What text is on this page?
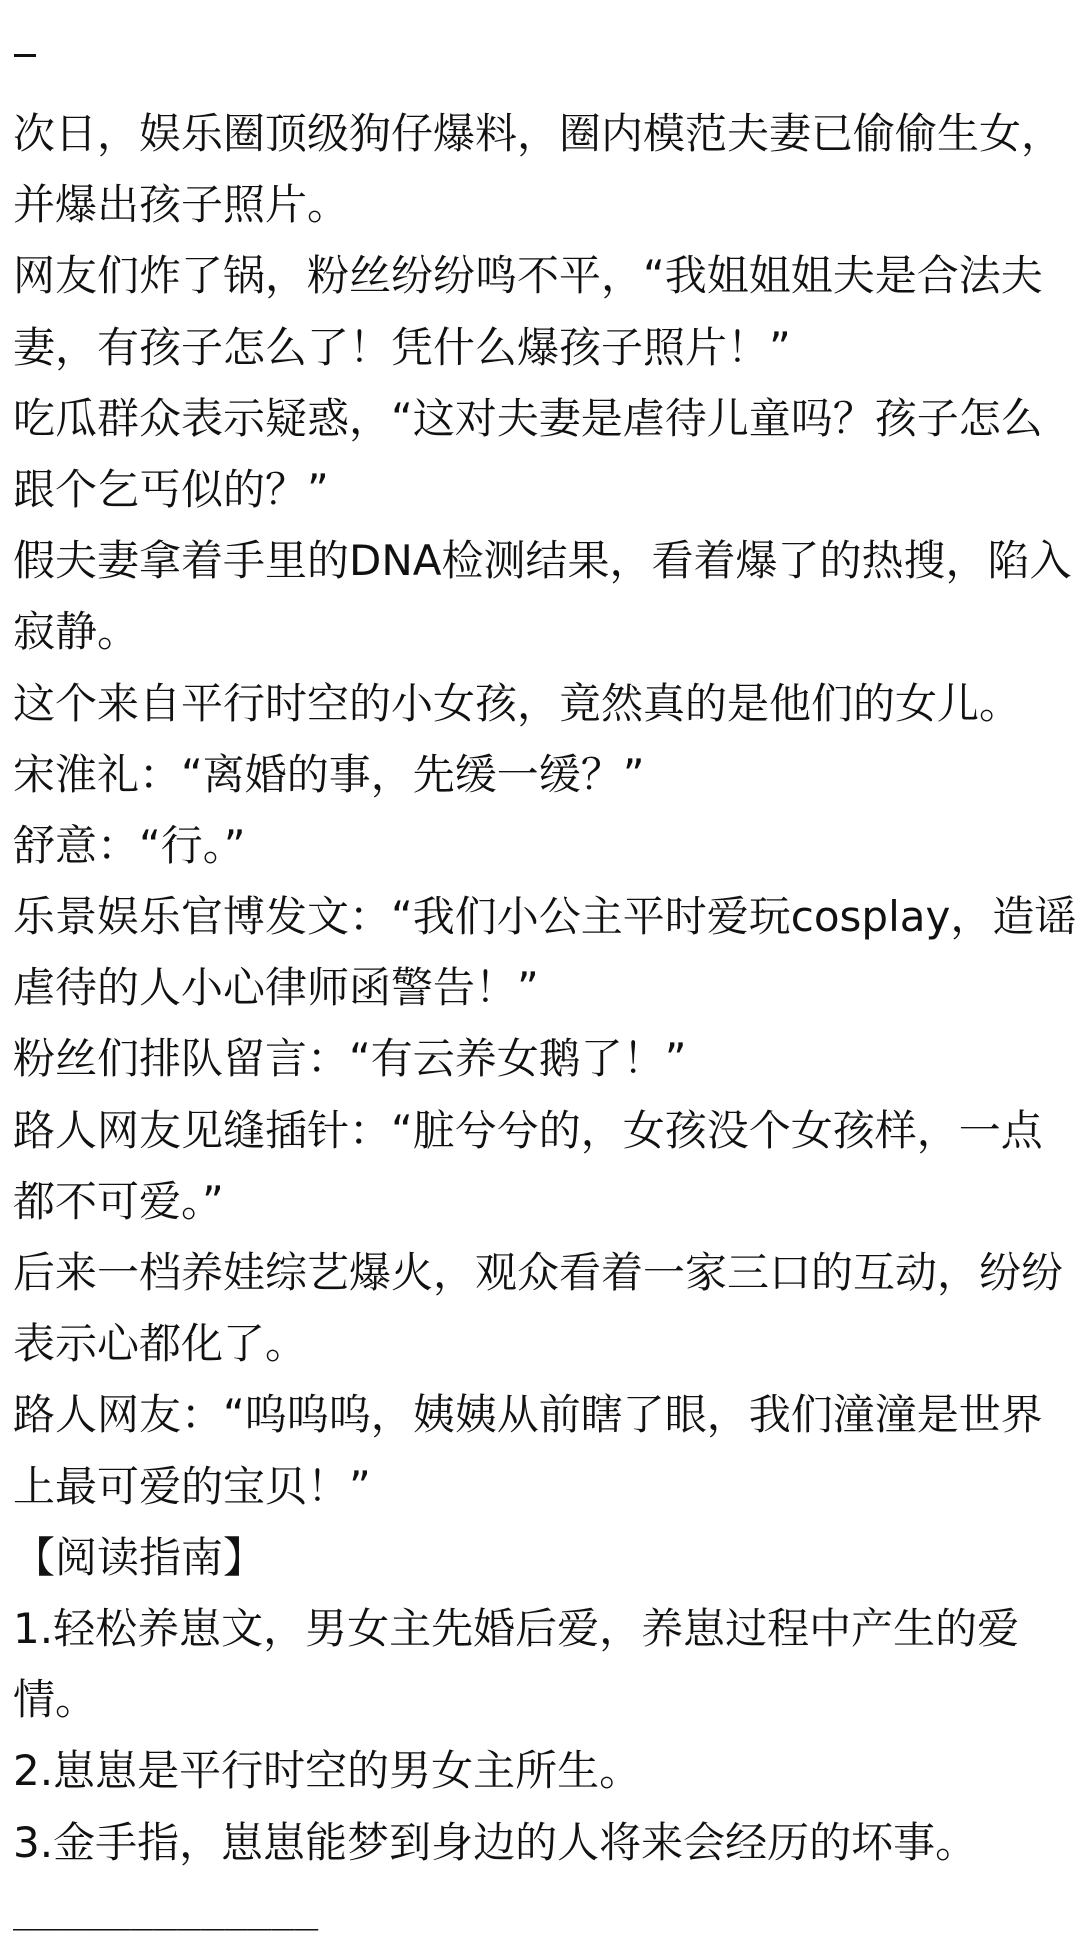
次日，娱乐圈顶级狗仔爆料，圈内模范夫妻已偷偷生女，
并爆出孩子照片。
网友们炸了锅，粉丝纷纷鸣不平，“我姐姐姐夫是合法夫
妻，有孩子怎么了！凭什么爆孩子照片！”
吃瓜群众表示疑惑，“这对夫妻是虐待儿童吗？孩子怎么
跟个乞丐似的？”
假夫妻拿着手里的DNA检测结果，看着爆了的热搜，陷入
寂静。
这个来自平行时空的小女孩，竟然真的是他们的女儿。
宋淮礼：“离婚的事，先缓一缓？”
舒意：“行。”
乐景娱乐官博发文：“我们小公主平时爱玩cosplay，造谣
虐待的人小心律师函警告！”
粉丝们排队留言：“有云养女鹅了！”
路人网友见缝插针：“脏兮兮的，女孩没个女孩样，一点
都不可爱。”
后来一档养娃综艺爆火，观众看着一家三口的互动，纷纷
表示心都化了。
路人网友：“呜呜呜，姨姨从前瞎了眼，我们潼潼是世界
上最可爱的宝贝！”
【阅读指南】
1.轻松养崽文，男女主先婚后爱，养崽过程中产生的爱
情。
2.崽崽是平行时空的男女主所生。
3.金手指，崽崽能梦到身边的人将来会经历的坏事。
_____________
